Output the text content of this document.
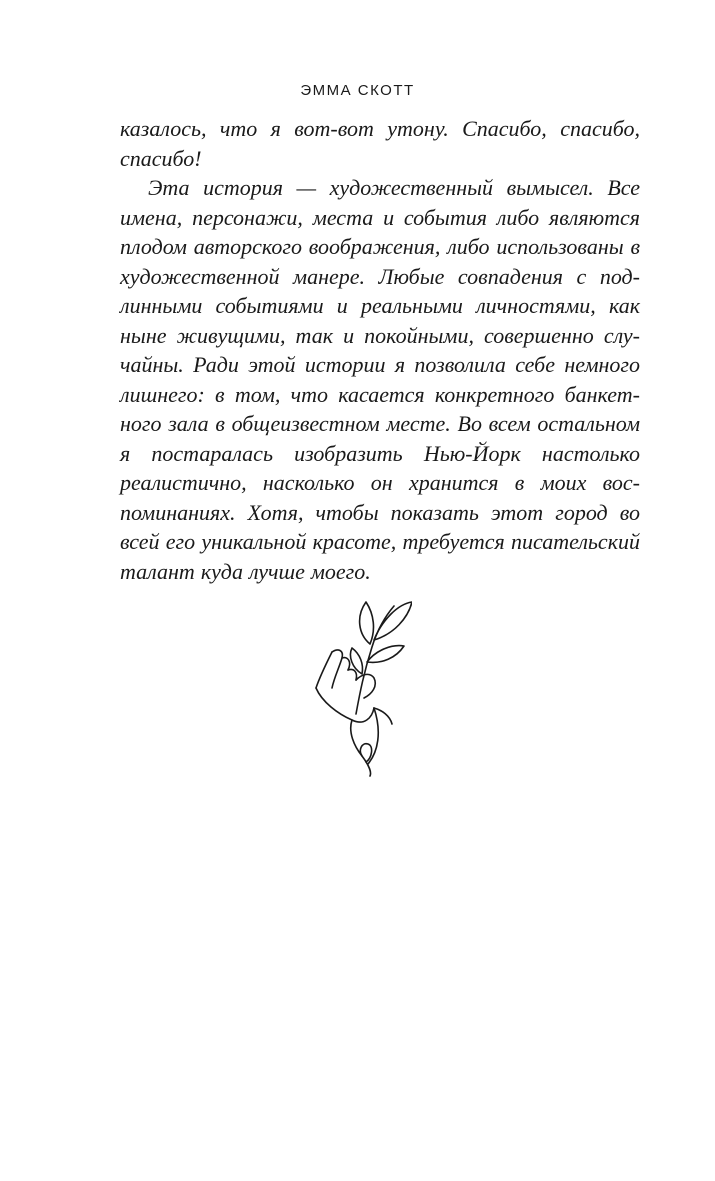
ЭММА СКОТТ

казалось, что я вот-вот утону. Спасибо, спасибо, спасибо!

Эта история — художественный вымысел. Все имена, персонажи, места и события либо являются плодом авторского воображения, либо использованы в художественной манере. Любые совпадения с подлинными событиями и реальными личностями, как ныне живущими, так и покойными, совершенно случайны. Ради этой истории я позволила себе немного лишнего: в том, что касается конкретного банкетного зала в общеизвестном месте. Во всем остальном я постаралась изобразить Нью-Йорк настолько реалистично, насколько он хранится в моих воспоминаниях. Хотя, чтобы показать этот город во всей его уникальной красоте, требуется писательский талант куда лучше моего.
